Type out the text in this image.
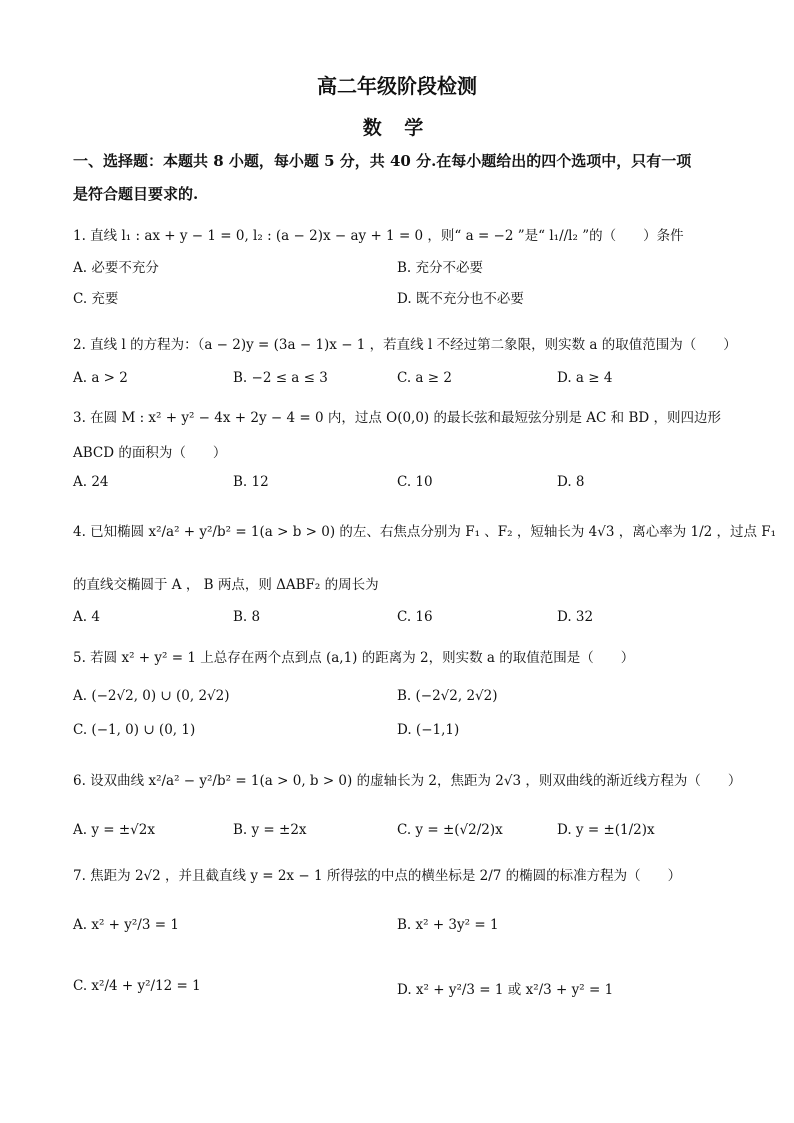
高二年级阶段检测
数 学
一、选择题：本题共 8 小题，每小题 5 分，共 40 分.在每小题给出的四个选项中，只有一项
是符合题目要求的.
1. 直线 l₁ : ax + y − 1 = 0, l₂ : (a − 2)x − ay + 1 = 0 ，则“ a = −2 ”是“ l₁//l₂ ”的（　　）条件
A. 必要不充分	B. 充分不必要
C. 充要	D. 既不充分也不必要
2. 直线 l 的方程为：（a − 2)y = (3a − 1)x − 1 ，若直线 l 不经过第二象限，则实数 a 的取值范围为（　　）
A. a > 2	B. −2 ≤ a ≤ 3	C. a ≥ 2	D. a ≥ 4
3. 在圆 M : x² + y² − 4x + 2y − 4 = 0 内，过点 O(0,0) 的最长弦和最短弦分别是 AC 和 BD ，则四边形
ABCD 的面积为（　　）
A. 24	B. 12	C. 10	D. 8
4. 已知椭圆 x²/a² + y²/b² = 1(a > b > 0) 的左、右焦点分别为 F₁ 、F₂ ，短轴长为 4√3 ，离心率为 1/2 ，过点 F₁
的直线交椭圆于 A ， B 两点，则 ΔABF₂ 的周长为
A. 4	B. 8	C. 16	D. 32
5. 若圆 x² + y² = 1 上总存在两个点到点 (a,1) 的距离为 2，则实数 a 的取值范围是（　　）
A. (−2√2, 0) ∪ (0, 2√2)	B. (−2√2, 2√2)
C. (−1, 0) ∪ (0, 1)	D. (−1,1)
6. 设双曲线 x²/a² − y²/b² = 1(a > 0, b > 0) 的虚轴长为 2，焦距为 2√3 ，则双曲线的渐近线方程为（　　）
A. y = ±√2x	B. y = ±2x	C. y = ±(√2/2)x	D. y = ±(1/2)x
7. 焦距为 2√2 ，并且截直线 y = 2x − 1 所得弦的中点的横坐标是 2/7 的椭圆的标准方程为（　　）
A. x² + y²/3 = 1	B. x² + 3y² = 1
C. x²/4 + y²/12 = 1	D. x² + y²/3 = 1 或 x²/3 + y² = 1
